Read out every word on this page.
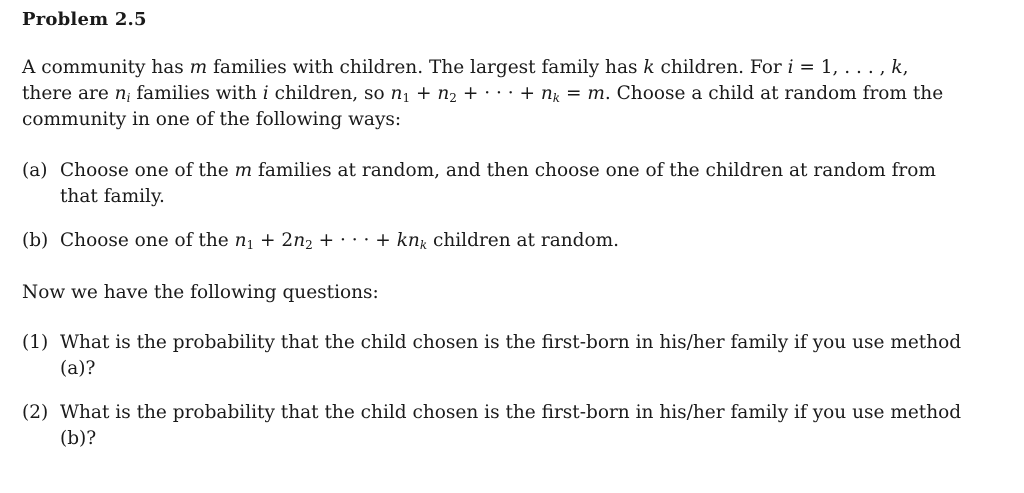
Problem 2.5
A community has m families with children. The largest family has k children. For i = 1, . . . , k,
there are $n_i$ families with i children, so $n_1 + n_2$ + · · · + $n_k = m$. Choose a child at random from the
community in one of the following ways:
(a) Choose one of the m families at random, and then choose one of the children at random from
that family.
(b) Choose one of the $n_1 + 2n_2$ + · · · + $kn_k$ children at random.
Now we have the following questions:
(1) What is the probability that the child chosen is the first-born in his/her family if you use method
(a)?
(2) What is the probability that the child chosen is the first-born in his/her family if you use method
(b)?
